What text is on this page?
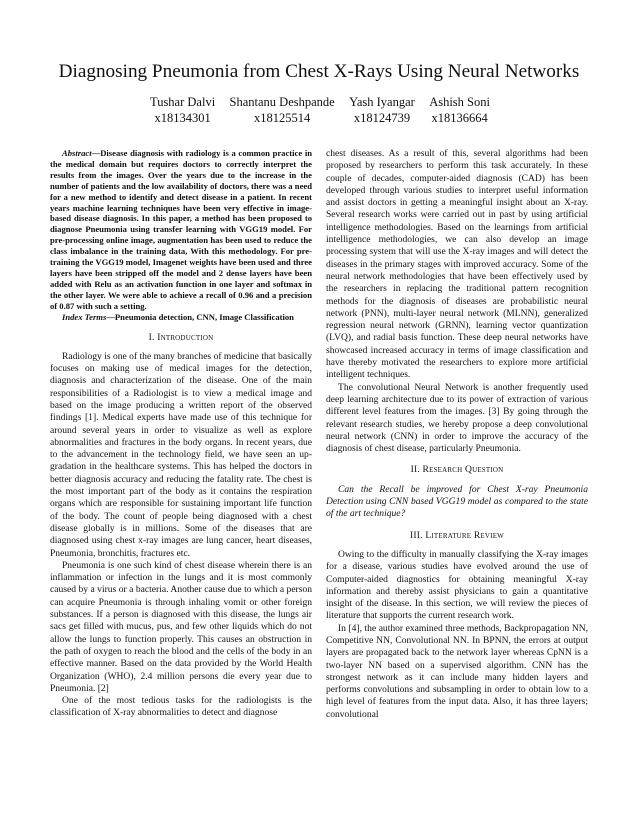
Diagnosing Pneumonia from Chest X-Rays Using Neural Networks
Tushar Dalvi
x18134301
Shantanu Deshpande
x18125514
Yash Iyangar
x18124739
Ashish Soni
x18136664

Abstract—Disease diagnosis with radiology is a common practice in the medical domain but requires doctors to correctly interpret the results from the images. Over the years due to the increase in the number of patients and the low availability of doctors, there was a need for a new method to identify and detect disease in a patient. In recent years machine learning techniques have been very effective in image-based disease diagnosis. In this paper, a method has been proposed to diagnose Pneumonia using transfer learning with VGG19 model. For pre-processing online image, augmentation has been used to reduce the class imbalance in the training data, With this methodology. For pre-training the VGG19 model, Imagenet weights have been used and three layers have been stripped off the model and 2 dense layers have been added with Relu as an activation function in one layer and softmax in the other layer. We were able to achieve a recall of 0.96 and a precision of 0.87 with such a setting.

Index Terms—Pneumonia detection, CNN, Image Classification

I. Introduction

Radiology is one of the many branches of medicine that basically focuses on making use of medical images for the detection, diagnosis and characterization of the disease. One of the main responsibilities of a Radiologist is to view a medical image and based on the image producing a written report of the observed findings [1]. Medical experts have made use of this technique for around several years in order to visualize as well as explore abnormalities and fractures in the body organs. In recent years, due to the advancement in the technology field, we have seen an up-gradation in the healthcare systems. This has helped the doctors in better diagnosis accuracy and reducing the fatality rate. The chest is the most important part of the body as it contains the respiration organs which are responsible for sustaining important life function of the body. The count of people being diagnosed with a chest disease globally is in millions. Some of the diseases that are diagnosed using chest x-ray images are lung cancer, heart diseases, Pneumonia, bronchitis, fractures etc.

Pneumonia is one such kind of chest disease wherein there is an inflammation or infection in the lungs and it is most commonly caused by a virus or a bacteria. Another cause due to which a person can acquire Pneumonia is through inhaling vomit or other foreign substances. If a person is diagnosed with this disease, the lungs air sacs get filled with mucus, pus, and few other liquids which do not allow the lungs to function properly. This causes an obstruction in the path of oxygen to reach the blood and the cells of the body in an effective manner. Based on the data provided by the World Health Organization (WHO), 2.4 million persons die every year due to Pneumonia. [2]

One of the most tedious tasks for the radiologists is the classification of X-ray abnormalities to detect and diagnose

chest diseases. As a result of this, several algorithms had been proposed by researchers to perform this task accurately. In these couple of decades, computer-aided diagnosis (CAD) has been developed through various studies to interpret useful information and assist doctors in getting a meaningful insight about an X-ray. Several research works were carried out in past by using artificial intelligence methodologies. Based on the learnings from artificial intelligence methodologies, we can also develop an image processing system that will use the X-ray images and will detect the diseases in the primary stages with improved accuracy. Some of the neural network methodologies that have been effectively used by the researchers in replacing the traditional pattern recognition methods for the diagnosis of diseases are probabilistic neural network (PNN), multi-layer neural network (MLNN), generalized regression neural network (GRNN), learning vector quantization (LVQ), and radial basis function. These deep neural networks have showcased increased accuracy in terms of image classification and have thereby motivated the researchers to explore more artificial intelligent techniques.

The convolutional Neural Network is another frequently used deep learning architecture due to its power of extraction of various different level features from the images. [3] By going through the relevant research studies, we hereby propose a deep convolutional neural network (CNN) in order to improve the accuracy of the diagnosis of chest disease, particularly Pneumonia.

II. Research Question

Can the Recall be improved for Chest X-ray Pneumonia Detection using CNN based VGG19 model as compared to the state of the art technique?

III. Literature Review

Owing to the difficulty in manually classifying the X-ray images for a disease, various studies have evolved around the use of Computer-aided diagnostics for obtaining meaningful X-ray information and thereby assist physicians to gain a quantitative insight of the disease. In this section, we will review the pieces of literature that supports the current research work.

In [4], the author examined three methods, Backpropagation NN, Competitive NN, Convolutional NN. In BPNN, the errors at output layers are propagated back to the network layer whereas CpNN is a two-layer NN based on a supervised algorithm. CNN has the strongest network as it can include many hidden layers and performs convolutions and subsampling in order to obtain low to a high level of features from the input data. Also, it has three layers; convolutional
